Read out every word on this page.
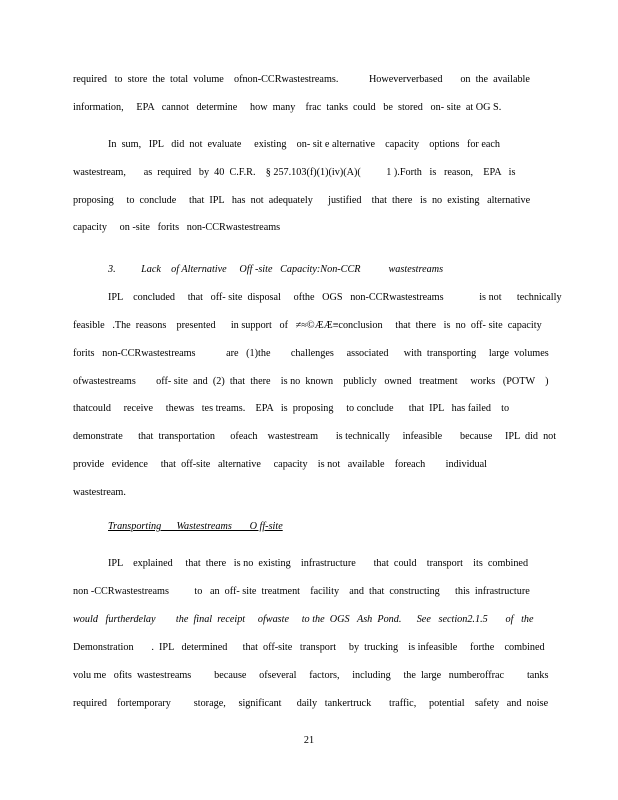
required   to  store  the  total  volume    ofnon-CCRwastestreams.            Howeververbased       on  the  available
information,     EPA   cannot   determine     how  many    frac  tanks  could   be  stored   on- site  at OG S.
In  sum,   IPL   did  not  evaluate     existing    on- sit e alternative    capacity    options   for each
wastestream,       as  required   by  40  C.F.R.    § 257.103(f)(1)(iv)(A)(          1 ).Forth   is   reason,    EPA   is
proposing     to  conclude     that  IPL   has  not  adequately      justified    that  there   is  no  existing   alternative
capacity     on -site   forits   non-CCRwastestreams
3.          Lack    of Alternative     Off -site   Capacity:Non-CCR           wastestreams
IPL    concluded     that   off- site  disposal     ofthe   OGS   non-CCRwastestreams              is not      technically
feasible   .The  reasons    presented      in support   of   ≠≈©ÆÆ≡conclusion     that  there   is  no  off- site  capacity
forits   non-CCRwastestreams            are   (1)the        challenges     associated      with  transporting     large  volumes
ofwastestreams        off- site  and  (2)  that  there    is no  known    publicly   owned   treatment     works   (POTW    )
thatcould     receive     thewas   tes treams.    EPA   is  proposing     to conclude      that  IPL   has failed    to
demonstrate      that  transportation      ofeach    wastestream       is technically     infeasible       because     IPL  did  not
provide   evidence     that  off-site   alternative     capacity    is not   available    foreach        individual
wastestream.
Transporting      Wastestreams       O ff-site
IPL    explained     that  there   is no  existing    infrastructure       that  could    transport    its  combined
non -CCRwastestreams          to   an  off- site  treatment    facility    and  that  constructing      this  infrastructure
would   furtherdelay        the  final  receipt     ofwaste     to the  OGS   Ash  Pond.      See   section2.1.5       of   the
Demonstration       .  IPL   determined      that  off-site   transport     by  trucking    is infeasible     forthe    combined
volu me   ofits  wastestreams         because     ofseveral     factors,     including     the  large   numberoffrac         tanks
required    fortemporary         storage,     significant      daily   tankertruck       traffic,     potential    safety   and  noise
21
